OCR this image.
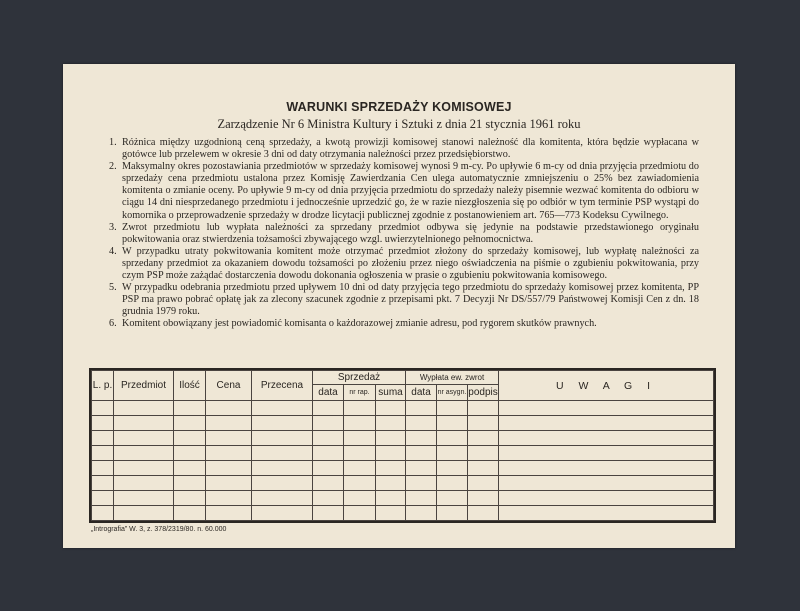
WARUNKI SPRZEDAŻY KOMISOWEJ
Zarządzenie Nr 6 Ministra Kultury i Sztuki z dnia 21 stycznia 1961 roku

1. Różnica między uzgodnioną ceną sprzedaży, a kwotą prowizji komisowej stanowi należność dla komitenta, która będzie wypłacana w gotówce lub przelewem w okresie 3 dni od daty otrzymania należności przez przedsiębiorstwo.

2. Maksymalny okres pozostawiania przedmiotów w sprzedaży komisowej wynosi 9 m-cy. Po upływie 6 m-cy od dnia przyjęcia przedmiotu do sprzedaży cena przedmiotu ustalona przez Komisję Zawierdzania Cen ulega automatycznie zmniejszeniu o 25% bez zawiadomienia komitenta o zmianie oceny. Po upływie 9 m-cy od dnia przyjęcia przedmiotu do sprzedaży należy pisemnie wezwać komitenta do odbioru w ciągu 14 dni niesprzedanego przedmiotu i jednocześnie uprzedzić go, że w razie niezgłoszenia się po odbiór w tym terminie PSP wystąpi do komornika o przeprowadzenie sprzedaży w drodze licytacji publicznej zgodnie z postanowieniem art. 765—773 Kodeksu Cywilnego.

3. Zwrot przedmiotu lub wypłata należności za sprzedany przedmiot odbywa się jedynie na podstawie przedstawionego oryginału pokwitowania oraz stwierdzenia tożsamości zbywającego wzgl. uwierzytelnionego pełnomocnictwa.

4. W przypadku utraty pokwitowania komitent może otrzymać przedmiot złożony do sprzedaży komisowej, lub wypłatę należności za sprzedany przedmiot za okazaniem dowodu tożsamości po złożeniu przez niego oświadczenia na piśmie o zgubieniu pokwitowania, przy czym PSP może zażądać dostarczenia dowodu dokonania ogłoszenia w prasie o zgubieniu pokwitowania komisowego.

5. W przypadku odebrania przedmiotu przed upływem 10 dni od daty przyjęcia tego przedmiotu do sprzedaży komisowej przez komitenta, PP PSP ma prawo pobrać opłatę jak za zlecony szacunek zgodnie z przepisami pkt. 7 Decyzji Nr DS/557/79 Państwowej Komisji Cen z dn. 18 grudnia 1979 roku.

6. Komitent obowiązany jest powiadomić komisanta o każdorazowej zmianie adresu, pod rygorem skutków prawnych.

L. p.	Przedmiot	Ilość	Cena	Przecena	Sprzedaż			Wypłata ew. zwrot			U W A G I
					data	nr rap.	suma	data	nr asygn.	podpis	

„Intrografia” W. 3, z. 378/2319/80. n. 60.000
